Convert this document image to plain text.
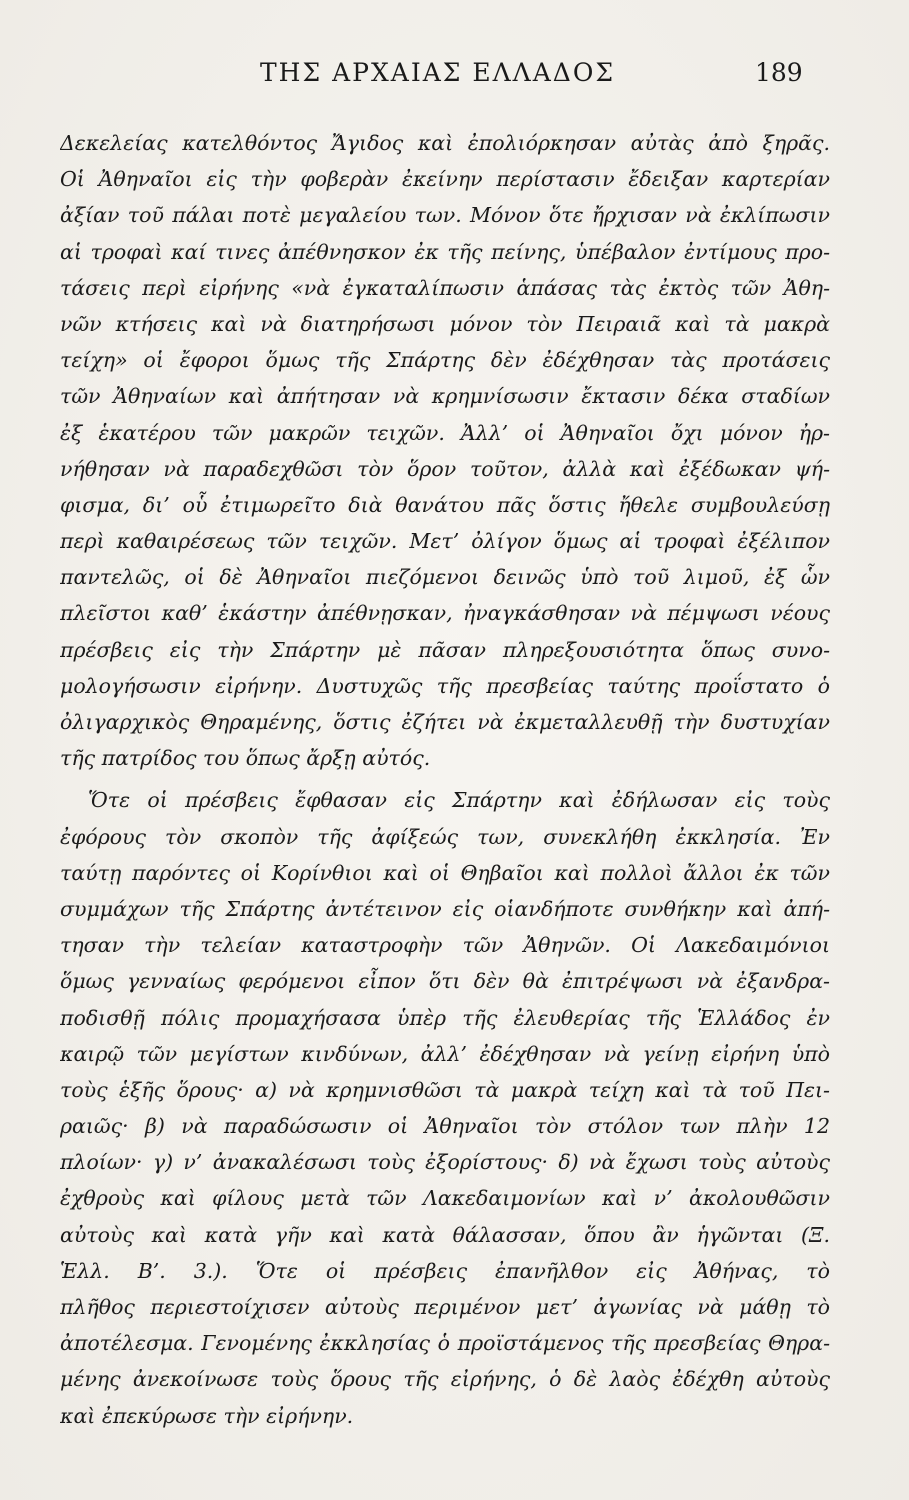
ΤΗΣ ΑΡΧΑΙΑΣ ΕΛΛΑΔΟΣ	189
Δεκελείας κατελθόντος Ἄγιδος καὶ ἐπολιόρκησαν αὐτὰς ἀπὸ ξηρᾶς.
Οἱ Ἀθηναῖοι εἰς τὴν φοβερὰν ἐκείνην περίστασιν ἔδειξαν καρτερίαν
ἀξίαν τοῦ πάλαι ποτὲ μεγαλείου των. Μόνον ὅτε ἤρχισαν νὰ ἐκλίπωσιν
αἱ τροφαὶ καί τινες ἀπέθνησκον ἐκ τῆς πείνης, ὑπέβαλον ἐντίμους προ-
τάσεις περὶ εἰρήνης «νὰ ἐγκαταλίπωσιν ἁπάσας τὰς ἐκτὸς τῶν Ἀθη-
νῶν κτήσεις καὶ νὰ διατηρήσωσι μόνον τὸν Πειραιᾶ καὶ τὰ μακρὰ
τείχη» οἱ ἔφοροι ὅμως τῆς Σπάρτης δὲν ἐδέχθησαν τὰς προτάσεις
τῶν Ἀθηναίων καὶ ἀπήτησαν νὰ κρημνίσωσιν ἔκτασιν δέκα σταδίων
ἐξ ἑκατέρου τῶν μακρῶν τειχῶν. Ἀλλ’ οἱ Ἀθηναῖοι ὄχι μόνον ἠρ-
νήθησαν νὰ παραδεχθῶσι τὸν ὅρον τοῦτον, ἀλλὰ καὶ ἐξέδωκαν ψή-
φισμα, δι’ οὗ ἐτιμωρεῖτο διὰ θανάτου πᾶς ὅστις ἤθελε συμβουλεύσῃ
περὶ καθαιρέσεως τῶν τειχῶν. Μετ’ ὀλίγον ὅμως αἱ τροφαὶ ἐξέλιπον
παντελῶς, οἱ δὲ Ἀθηναῖοι πιεζόμενοι δεινῶς ὑπὸ τοῦ λιμοῦ, ἐξ ὧν
πλεῖστοι καθ’ ἑκάστην ἀπέθνῃσκαν, ἠναγκάσθησαν νὰ πέμψωσι νέους
πρέσβεις εἰς τὴν Σπάρτην μὲ πᾶσαν πληρεξουσιότητα ὅπως συνο-
μολογήσωσιν εἰρήνην. Δυστυχῶς τῆς πρεσβείας ταύτης προΐστατο ὁ
ὀλιγαρχικὸς Θηραμένης, ὅστις ἐζήτει νὰ ἐκμεταλλευθῇ τὴν δυστυχίαν
τῆς πατρίδος του ὅπως ἄρξῃ αὐτός.
Ὅτε οἱ πρέσβεις ἔφθασαν εἰς Σπάρτην καὶ ἐδήλωσαν εἰς τοὺς
ἐφόρους τὸν σκοπὸν τῆς ἀφίξεώς των, συνεκλήθη ἐκκλησία. Ἐν
ταύτῃ παρόντες οἱ Κορίνθιοι καὶ οἱ Θηβαῖοι καὶ πολλοὶ ἄλλοι ἐκ τῶν
συμμάχων τῆς Σπάρτης ἀντέτεινον εἰς οἱανδήποτε συνθήκην καὶ ἀπή-
τησαν τὴν τελείαν καταστροφὴν τῶν Ἀθηνῶν. Οἱ Λακεδαιμόνιοι
ὅμως γενναίως φερόμενοι εἶπον ὅτι δὲν θὰ ἐπιτρέψωσι νὰ ἐξανδρα-
ποδισθῇ πόλις προμαχήσασα ὑπὲρ τῆς ἐλευθερίας τῆς Ἑλλάδος ἐν
καιρῷ τῶν μεγίστων κινδύνων, ἀλλ’ ἐδέχθησαν νὰ γείνῃ εἰρήνη ὑπὸ
τοὺς ἑξῆς ὅρους· α) νὰ κρημνισθῶσι τὰ μακρὰ τείχη καὶ τὰ τοῦ Πει-
ραιῶς· β) νὰ παραδώσωσιν οἱ Ἀθηναῖοι τὸν στόλον των πλὴν 12
πλοίων· γ) ν’ ἀνακαλέσωσι τοὺς ἐξορίστους· δ) νὰ ἔχωσι τοὺς αὐτοὺς
ἐχθροὺς καὶ φίλους μετὰ τῶν Λακεδαιμονίων καὶ ν’ ἀκολουθῶσιν
αὐτοὺς καὶ κατὰ γῆν καὶ κατὰ θάλασσαν, ὅπου ἂν ἡγῶνται (Ξ.
Ἑλλ. Β’. 3.). Ὅτε οἱ πρέσβεις ἐπανῆλθον εἰς Ἀθήνας, τὸ
πλῆθος περιεστοίχισεν αὐτοὺς περιμένον μετ’ ἀγωνίας νὰ μάθῃ τὸ
ἀποτέλεσμα. Γενομένης ἐκκλησίας ὁ προϊστάμενος τῆς πρεσβείας Θηρα-
μένης ἀνεκοίνωσε τοὺς ὅρους τῆς εἰρήνης, ὁ δὲ λαὸς ἐδέχθη αὐτοὺς
καὶ ἐπεκύρωσε τὴν εἰρήνην.
